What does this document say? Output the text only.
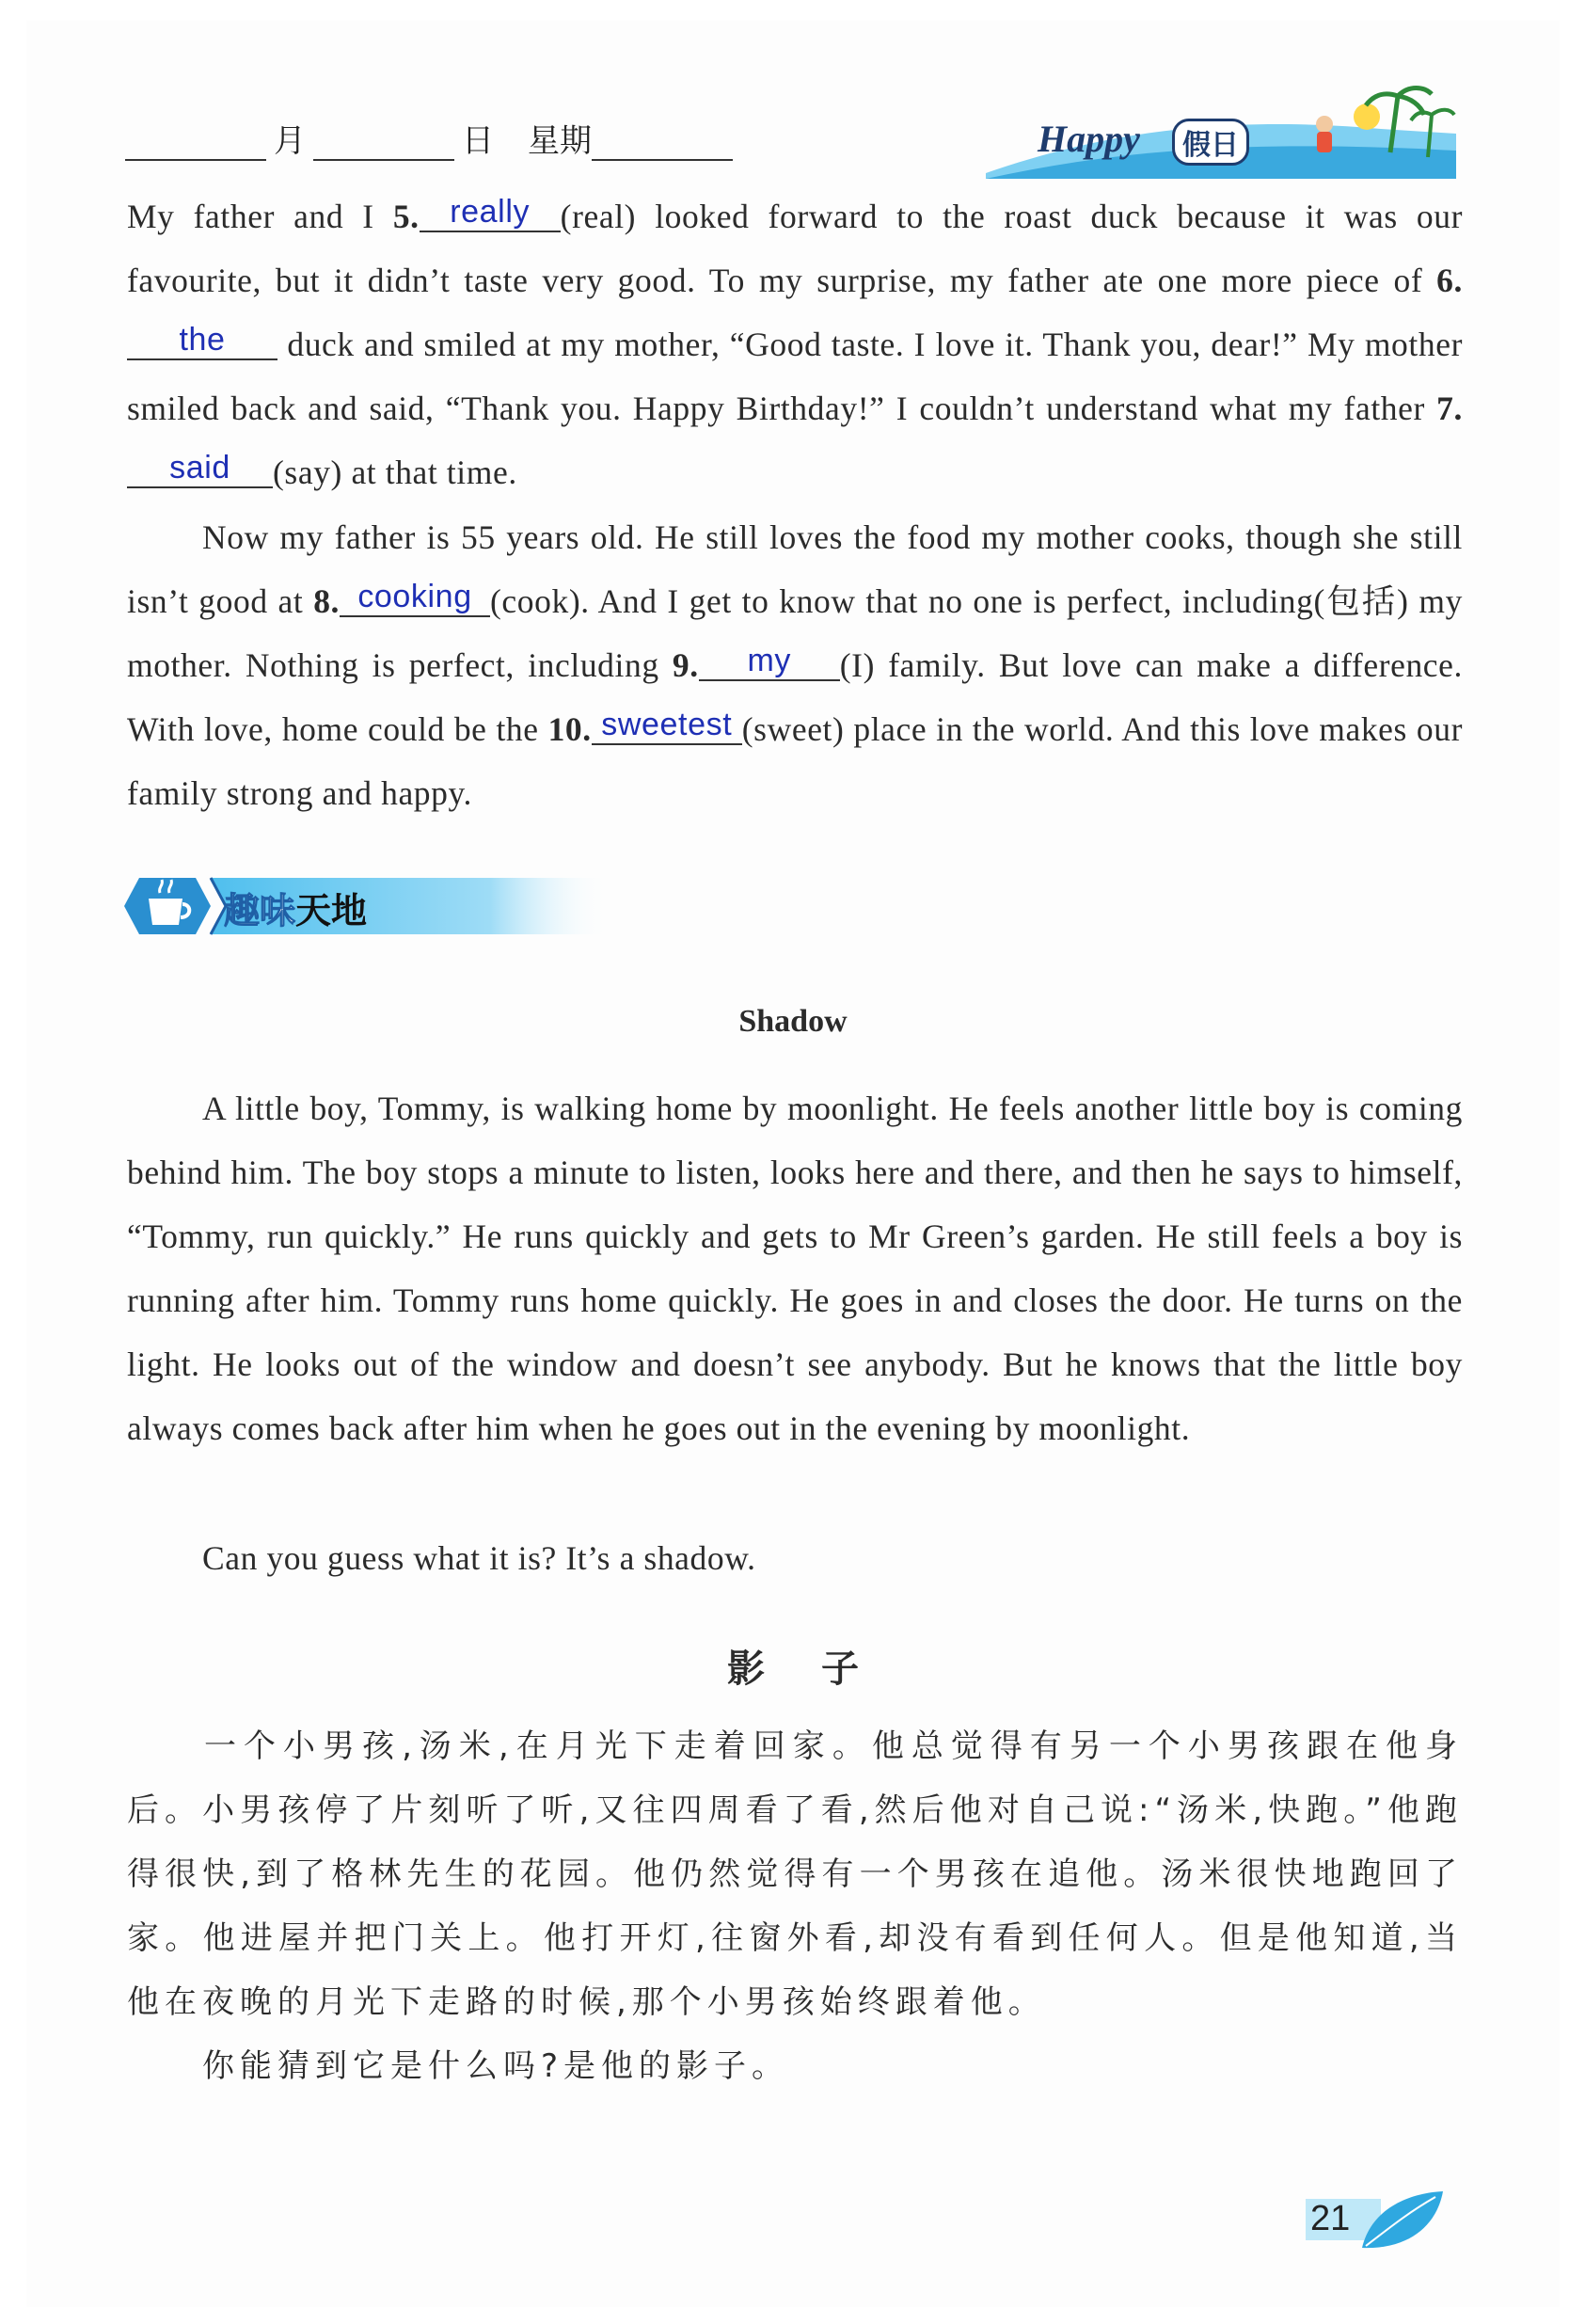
月	日 星期	Happy	假日
My father and I 5. really (real) looked forward to the roast duck because it was our favourite, but it didn’t taste very good. To my surprise, my father ate one more piece of 6.the duck and smiled at my mother, “Good taste. I love it. Thank you, dear!” My mother smiled back and said, “Thank you. Happy Birthday!” I couldn’t understand what my father 7.said (say) at that time.
Now my father is 55 years old. He still loves the food my mother cooks, though she still isn’t good at 8. cooking (cook). And I get to know that no one is perfect, including(包括) my mother. Nothing is perfect, including 9. my (I) family. But love can make a difference. With love, home could be the 10. sweetest (sweet) place in the world. And this love makes our family strong and happy.
趣味天地
Shadow
A little boy, Tommy, is walking home by moonlight. He feels another little boy is coming behind him. The boy stops a minute to listen, looks here and there, and then he says to himself, “Tommy, run quickly.” He runs quickly and gets to Mr Green’s garden. He still feels a boy is running after him. Tommy runs home quickly. He goes in and closes the door. He turns on the light. He looks out of the window and doesn’t see anybody. But he knows that the little boy always comes back after him when he goes out in the evening by moonlight.
Can you guess what it is? It’s a shadow.
影子
一个小男孩,汤米,在月光下走着回家。他总觉得有另一个小男孩跟在他身后。小男孩停了片刻听了听,又往四周看了看,然后他对自己说:“汤米,快跑。”他跑得很快,到了格林先生的花园。他仍然觉得有一个男孩在追他。汤米很快地跑回了家。他进屋并把门关上。他打开灯,往窗外看,却没有看到任何人。但是他知道,当他在夜晚的月光下走路的时候,那个小男孩始终跟着他。
你能猜到它是什么吗?是他的影子。
21
